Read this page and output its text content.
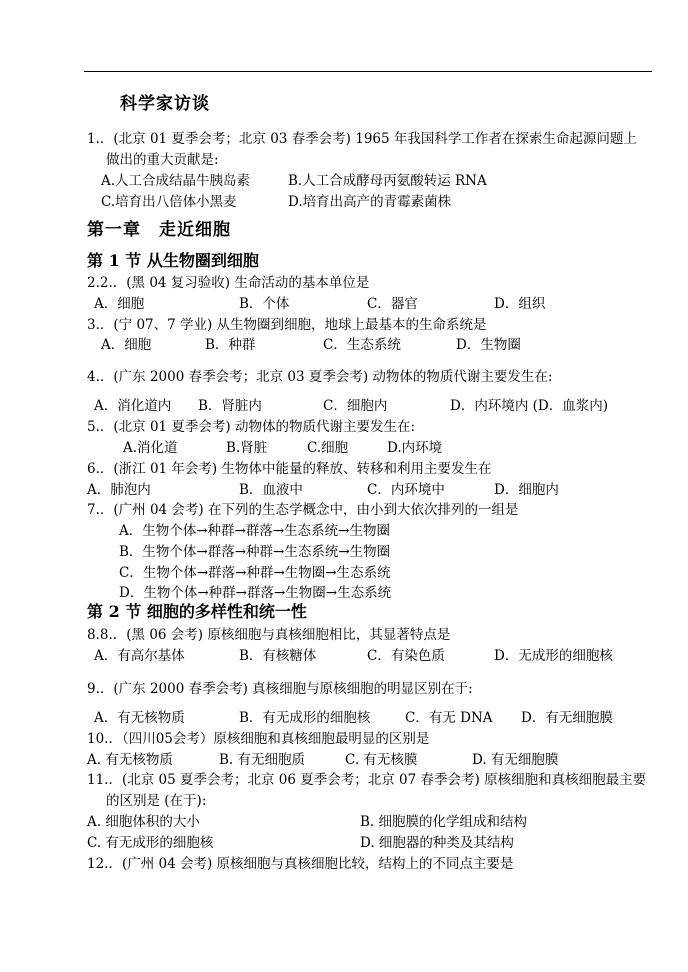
科学家访谈
1.．(北京 01 夏季会考；北京 03 春季会考) 1965 年我国科学工作者在探索生命起源问题上
做出的重大贡献是:
A.人工合成结晶牛胰岛素	B.人工合成酵母丙氨酸转运 RNA
C.培育出八倍体小黑麦	D.培育出高产的青霉素菌株
第一章　走近细胞
第 1 节 从生物圈到细胞
2.2.．(黑 04 复习验收) 生命活动的基本单位是
A．细胞	B．个体	C．器官	D．组织
3.．(宁 07、7 学业) 从生物圈到细胞，地球上最基本的生命系统是
A．细胞	B．种群	C．生态系统	D．生物圈
4.．(广东 2000 春季会考；北京 03 夏季会考) 动物体的物质代谢主要发生在:
A．消化道内 B．肾脏内	C．细胞内	D．内环境内 (D．血浆内)
5.．(北京 01 夏季会考) 动物体的物质代谢主要发生在:
A.消化道	B.肾脏	C.细胞	D.内环境
6.．(浙江 01 年会考) 生物体中能量的释放、转移和利用主要发生在
A．肺泡内	B．血液中	C．内环境中	D．细胞内
7.．(广州 04 会考) 在下列的生态学概念中，由小到大依次排列的一组是
A．生物个体→种群→群落→生态系统→生物圈
B．生物个体→群落→种群→生态系统→生物圈
C．生物个体→群落→种群→生物圈→生态系统
D．生物个体→种群→群落→生物圈→生态系统
第 2 节 细胞的多样性和统一性
8.8.．(黑 06 会考) 原核细胞与真核细胞相比，其显著特点是
A．有高尔基体	B．有核糖体	C．有染色质	D．无成形的细胞核
9.．(广东 2000 春季会考) 真核细胞与原核细胞的明显区别在于:
A．有无核物质	B．有无成形的细胞核	C．有无 DNA D．有无细胞膜
10.．（四川05会考）原核细胞和真核细胞最明显的区别是
A. 有无核物质	B. 有无细胞质	C. 有无核膜	D. 有无细胞膜
11.．(北京 05 夏季会考；北京 06 夏季会考；北京 07 春季会考) 原核细胞和真核细胞最主要
的区别是 (在于):
A. 细胞体积的大小	B. 细胞膜的化学组成和结构
C. 有无成形的细胞核	D. 细胞器的种类及其结构
12.．(广州 04 会考) 原核细胞与真核细胞比较，结构上的不同点主要是
